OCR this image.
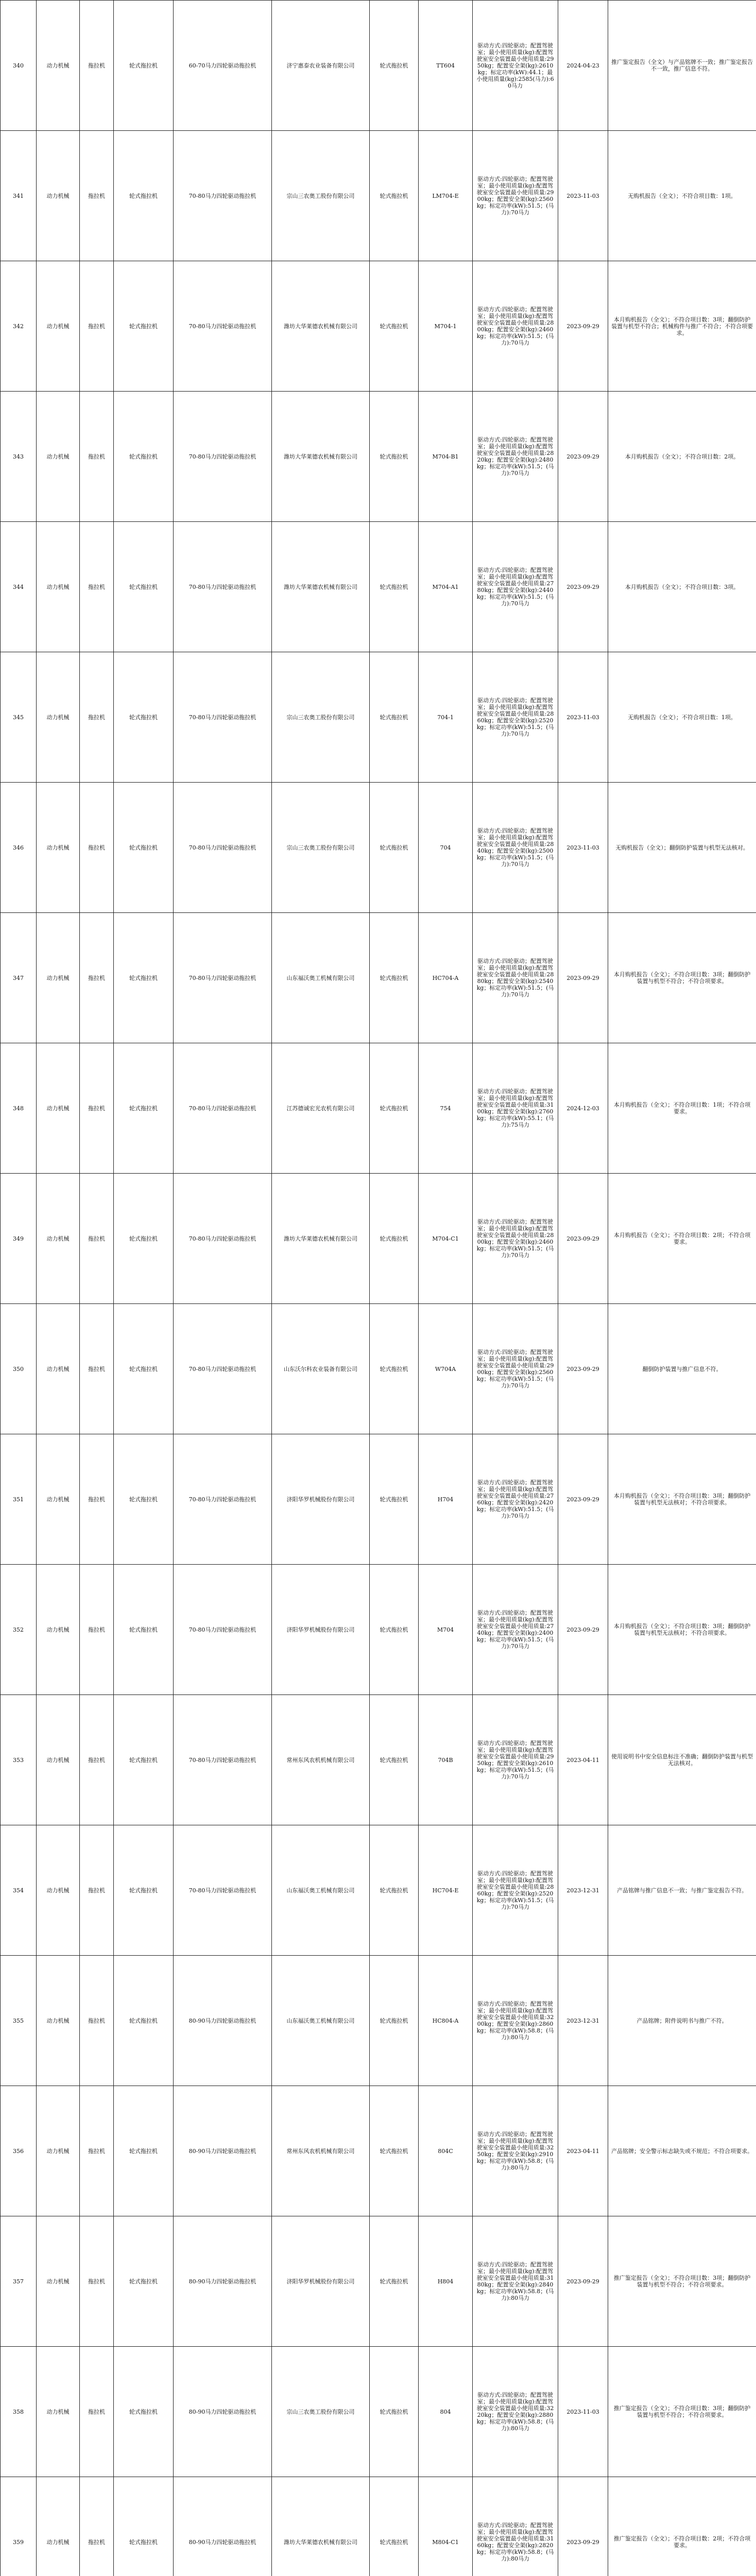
340	动力机械	拖拉机	轮式拖拉机	60-70马力四轮驱动拖拉机	济宁惠泰农业装备有限公司	轮式拖拉机	TT604	驱动方式:四轮驱动；配置驾驶室；最小使用质量(kg):配置驾驶室安全装置最小使用质量:2950kg；配置安全架(kg):2610kg；标定功率(kW):44.1；最小使用质量(kg):2585(马力):60马力	2024-04-23	推广鉴定报告（全文）与产品铭牌不一致；推广鉴定报告不一致，推广信息不符。
341	动力机械	拖拉机	轮式拖拉机	70-80马力四轮驱动拖拉机	宗山三农奥工股份有限公司	轮式拖拉机	LM704-E	驱动方式:四轮驱动；配置驾驶室；最小使用质量(kg):配置驾驶室安全装置最小使用质量:2900kg；配置安全架(kg):2560kg；标定功率(kW):51.5；(马力):70马力	2023-11-03	无购机报告（全文）；不符合项目数：1项。
342	动力机械	拖拉机	轮式拖拉机	70-80马力四轮驱动拖拉机	潍坊大华莱德农机械有限公司	轮式拖拉机	M704-1	驱动方式:四轮驱动；配置驾驶室；最小使用质量(kg):配置驾驶室安全装置最小使用质量:2800kg；配置安全架(kg):2460kg；标定功率(kW):51.5；(马力):70马力	2023-09-29	本月购机报告（全文）；不符合项目数：3项；翻倒防护装置与机型不符合；机械构件与推广不符合；不符合项要求。
343	动力机械	拖拉机	轮式拖拉机	70-80马力四轮驱动拖拉机	潍坊大华莱德农机械有限公司	轮式拖拉机	M704-B1	驱动方式:四轮驱动；配置驾驶室；最小使用质量(kg):配置驾驶室安全装置最小使用质量:2820kg；配置安全架(kg):2480kg；标定功率(kW):51.5；(马力):70马力	2023-09-29	本月购机报告（全文）；不符合项目数：2项。
344	动力机械	拖拉机	轮式拖拉机	70-80马力四轮驱动拖拉机	潍坊大华莱德农机械有限公司	轮式拖拉机	M704-A1	驱动方式:四轮驱动；配置驾驶室；最小使用质量(kg):配置驾驶室安全装置最小使用质量:2780kg；配置安全架(kg):2440kg；标定功率(kW):51.5；(马力):70马力	2023-09-29	本月购机报告（全文）；不符合项目数：3项。
345	动力机械	拖拉机	轮式拖拉机	70-80马力四轮驱动拖拉机	宗山三农奥工股份有限公司	轮式拖拉机	704-1	驱动方式:四轮驱动；配置驾驶室；最小使用质量(kg):配置驾驶室安全装置最小使用质量:2860kg；配置安全架(kg):2520kg；标定功率(kW):51.5；(马力):70马力	2023-11-03	无购机报告（全文）；不符合项目数：1项。
346	动力机械	拖拉机	轮式拖拉机	70-80马力四轮驱动拖拉机	宗山三农奥工股份有限公司	轮式拖拉机	704	驱动方式:四轮驱动；配置驾驶室；最小使用质量(kg):配置驾驶室安全装置最小使用质量:2840kg；配置安全架(kg):2500kg；标定功率(kW):51.5；(马力):70马力	2023-11-03	无购机报告（全文）；翻倒防护装置与机型无法核对。
347	动力机械	拖拉机	轮式拖拉机	70-80马力四轮驱动拖拉机	山东福沃奥工机械有限公司	轮式拖拉机	HC704-A	驱动方式:四轮驱动；配置驾驶室；最小使用质量(kg):配置驾驶室安全装置最小使用质量:2880kg；配置安全架(kg):2540kg；标定功率(kW):51.5；(马力):70马力	2023-09-29	本月购机报告（全文）；不符合项目数：3项；翻倒防护装置与机型不符合；不符合项要求。
348	动力机械	拖拉机	轮式拖拉机	70-80马力四轮驱动拖拉机	江苏德诚宏光农机有限公司	轮式拖拉机	754	驱动方式:四轮驱动；配置驾驶室；最小使用质量(kg):配置驾驶室安全装置最小使用质量:3100kg；配置安全架(kg):2760kg；标定功率(kW):55.1；(马力):75马力	2024-12-03	本月购机报告（全文）；不符合项目数：1项；不符合项要求。
349	动力机械	拖拉机	轮式拖拉机	70-80马力四轮驱动拖拉机	潍坊大华莱德农机械有限公司	轮式拖拉机	M704-C1	驱动方式:四轮驱动；配置驾驶室；最小使用质量(kg):配置驾驶室安全装置最小使用质量:2800kg；配置安全架(kg):2460kg；标定功率(kW):51.5；(马力):70马力	2023-09-29	本月购机报告（全文）；不符合项目数：2项；不符合项要求。
350	动力机械	拖拉机	轮式拖拉机	70-80马力四轮驱动拖拉机	山东沃尔科农业装备有限公司	轮式拖拉机	W704A	驱动方式:四轮驱动；配置驾驶室；最小使用质量(kg):配置驾驶室安全装置最小使用质量:2900kg；配置安全架(kg):2560kg；标定功率(kW):51.5；(马力):70马力	2023-09-29	翻倒防护装置与推广信息不符。
351	动力机械	拖拉机	轮式拖拉机	70-80马力四轮驱动拖拉机	济阳华罗机械股份有限公司	轮式拖拉机	H704	驱动方式:四轮驱动；配置驾驶室；最小使用质量(kg):配置驾驶室安全装置最小使用质量:2760kg；配置安全架(kg):2420kg；标定功率(kW):51.5；(马力):70马力	2023-09-29	本月购机报告（全文）；不符合项目数：3项；翻倒防护装置与机型无法核对；不符合项要求。
352	动力机械	拖拉机	轮式拖拉机	70-80马力四轮驱动拖拉机	济阳华罗机械股份有限公司	轮式拖拉机	M704	驱动方式:四轮驱动；配置驾驶室；最小使用质量(kg):配置驾驶室安全装置最小使用质量:2740kg；配置安全架(kg):2400kg；标定功率(kW):51.5；(马力):70马力	2023-09-29	本月购机报告（全文）；不符合项目数：3项；翻倒防护装置与机型无法核对；不符合项要求。
353	动力机械	拖拉机	轮式拖拉机	70-80马力四轮驱动拖拉机	常州东风农机机械有限公司	轮式拖拉机	704B	驱动方式:四轮驱动；配置驾驶室；最小使用质量(kg):配置驾驶室安全装置最小使用质量:2950kg；配置安全架(kg):2610kg；标定功率(kW):51.5；(马力):70马力	2023-04-11	使用说明书中安全信息标注不准确；翻倒防护装置与机型无法核对。
354	动力机械	拖拉机	轮式拖拉机	70-80马力四轮驱动拖拉机	山东福沃奥工机械有限公司	轮式拖拉机	HC704-E	驱动方式:四轮驱动；配置驾驶室；最小使用质量(kg):配置驾驶室安全装置最小使用质量:2860kg；配置安全架(kg):2520kg；标定功率(kW):51.5；(马力):70马力	2023-12-31	产品铭牌与推广信息不一致；与推广鉴定报告不符。
355	动力机械	拖拉机	轮式拖拉机	80-90马力四轮驱动拖拉机	山东福沃奥工机械有限公司	轮式拖拉机	HC804-A	驱动方式:四轮驱动；配置驾驶室；最小使用质量(kg):配置驾驶室安全装置最小使用质量:3200kg；配置安全架(kg):2860kg；标定功率(kW):58.8；(马力):80马力	2023-12-31	产品铭牌；附件说明书与推广不符。
356	动力机械	拖拉机	轮式拖拉机	80-90马力四轮驱动拖拉机	常州东风农机机械有限公司	轮式拖拉机	804C	驱动方式:四轮驱动；配置驾驶室；最小使用质量(kg):配置驾驶室安全装置最小使用质量:3250kg；配置安全架(kg):2910kg；标定功率(kW):58.8；(马力):80马力	2023-04-11	产品铭牌；安全警示标志缺失或不规范；不符合项要求。
357	动力机械	拖拉机	轮式拖拉机	80-90马力四轮驱动拖拉机	济阳华罗机械股份有限公司	轮式拖拉机	H804	驱动方式:四轮驱动；配置驾驶室；最小使用质量(kg):配置驾驶室安全装置最小使用质量:3180kg；配置安全架(kg):2840kg；标定功率(kW):58.8；(马力):80马力	2023-09-29	推广鉴定报告（全文）；不符合项目数：3项；翻倒防护装置与机型不符合；不符合项要求。
358	动力机械	拖拉机	轮式拖拉机	80-90马力四轮驱动拖拉机	宗山三农奥工股份有限公司	轮式拖拉机	804	驱动方式:四轮驱动；配置驾驶室；最小使用质量(kg):配置驾驶室安全装置最小使用质量:3220kg；配置安全架(kg):2880kg；标定功率(kW):58.8；(马力):80马力	2023-11-03	推广鉴定报告（全文）；不符合项目数：3项；翻倒防护装置与机型不符合；不符合项要求。
359	动力机械	拖拉机	轮式拖拉机	80-90马力四轮驱动拖拉机	潍坊大华莱德农机械有限公司	轮式拖拉机	M804-C1	驱动方式:四轮驱动；配置驾驶室；最小使用质量(kg):配置驾驶室安全装置最小使用质量:3160kg；配置安全架(kg):2820kg；标定功率(kW):58.8；(马力):80马力	2023-09-29	推广鉴定报告（全文）；不符合项目数：2项；不符合项要求。
